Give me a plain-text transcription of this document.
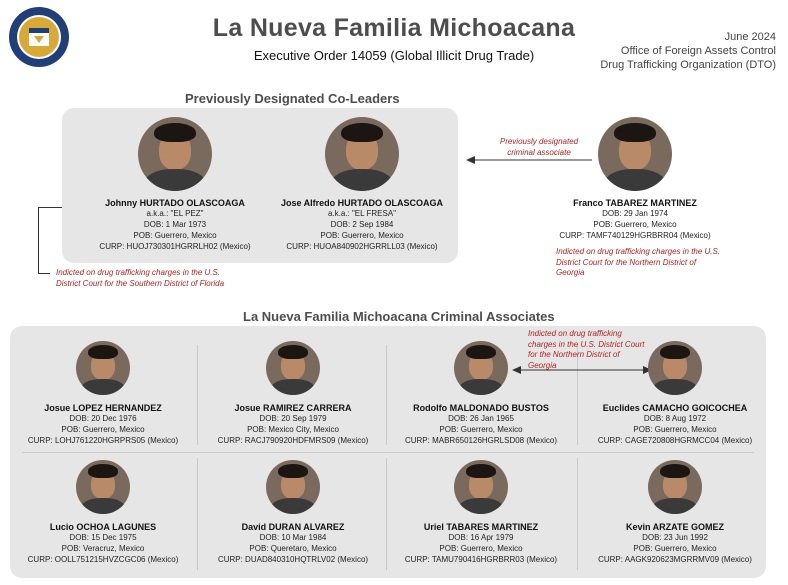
La Nueva Familia Michoacana
Executive Order 14059 (Global Illicit Drug Trade)
June 2024
Office of Foreign Assets Control
Drug Trafficking Organization (DTO)
Previously Designated Co-Leaders
Johnny HURTADO OLASCOAGA
a.k.a.: "EL PEZ"
DOB: 1 Mar 1973
POB: Guerrero, Mexico
CURP: HUOJ730301HGRRLH02 (Mexico)
Jose Alfredo HURTADO OLASCOAGA
a.k.a.: "EL FRESA"
DOB: 2 Sep 1984
POB: Guerrero, Mexico
CURP: HUOA840902HGRRLL03 (Mexico)
Previously designated criminal associate
Franco TABAREZ MARTINEZ
DOB: 29 Jan 1974
POB: Guerrero, Mexico
CURP: TAMF740129HGRBRR04 (Mexico)
Indicted on drug trafficking charges in the U.S. District Court for the Northern District of Georgia
Indicted on drug trafficking charges in the U.S. District Court for the Southern District of Florida
La Nueva Familia Michoacana Criminal Associates
Indicted on drug trafficking charges in the U.S. District Court for the Northern District of Georgia
Josue LOPEZ HERNANDEZ
DOB: 20 Dec 1976
POB: Guerrero, Mexico
CURP: LOHJ761220HGRPRS05 (Mexico)
Josue RAMIREZ CARRERA
DOB: 20 Sep 1979
POB: Mexico City, Mexico
CURP: RACJ790920HDFMRS09 (Mexico)
Rodolfo MALDONADO BUSTOS
DOB: 26 Jan 1965
POB: Guerrero, Mexico
CURP: MABR650126HGRLSD08 (Mexico)
Euclides CAMACHO GOICOCHEA
DOB: 8 Aug 1972
POB: Guerrero, Mexico
CURP: CAGE720808HGRMCC04 (Mexico)
Lucio OCHOA LAGUNES
DOB: 15 Dec 1975
POB: Veracruz, Mexico
CURP: OOLL751215HVZCGC06 (Mexico)
David DURAN ALVAREZ
DOB: 10 Mar 1984
POB: Queretaro, Mexico
CURP: DUAD840310HQTRLV02 (Mexico)
Uriel TABARES MARTINEZ
DOB: 16 Apr 1979
POB: Guerrero, Mexico
CURP: TAMU790416HGRBRR03 (Mexico)
Kevin ARZATE GOMEZ
DOB: 23 Jun 1992
POB: Guerrero, Mexico
CURP: AAGK920623MGRRMV09 (Mexico)
